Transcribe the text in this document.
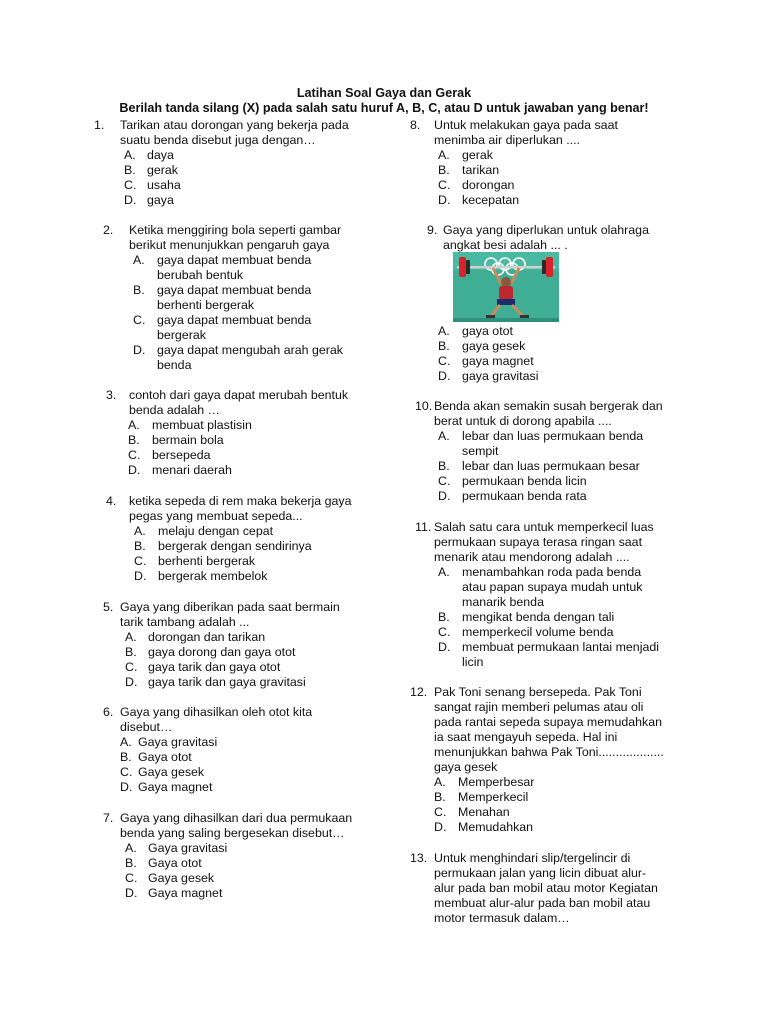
Latihan Soal Gaya dan Gerak
Berilah tanda silang (X) pada salah satu huruf A, B, C, atau D untuk jawaban yang benar!
1. Tarikan atau dorongan yang bekerja pada
suatu benda disebut juga dengan…
A. daya
B. gerak
C. usaha
D. gaya
2. Ketika menggiring bola seperti gambar
berikut menunjukkan pengaruh gaya
A. gaya dapat membuat benda
berubah bentuk
B. gaya dapat membuat benda
berhenti bergerak
C. gaya dapat membuat benda
bergerak
D. gaya dapat mengubah arah gerak
benda
3. contoh dari gaya dapat merubah bentuk
benda adalah …
A. membuat plastisin
B. bermain bola
C. bersepeda
D. menari daerah
4. ketika sepeda di rem maka bekerja gaya
pegas yang membuat sepeda...
A. melaju dengan cepat
B. bergerak dengan sendirinya
C. berhenti bergerak
D. bergerak membelok
5. Gaya yang diberikan pada saat bermain
tarik tambang adalah ...
A. dorongan dan tarikan
B. gaya dorong dan gaya otot
C. gaya tarik dan gaya otot
D. gaya tarik dan gaya gravitasi
6. Gaya yang dihasilkan oleh otot kita
disebut…
A. Gaya gravitasi
B. Gaya otot
C. Gaya gesek
D. Gaya magnet
7. Gaya yang dihasilkan dari dua permukaan
benda yang saling bergesekan disebut…
A. Gaya gravitasi
B. Gaya otot
C. Gaya gesek
D. Gaya magnet
8. Untuk melakukan gaya pada saat
menimba air diperlukan ....
A. gerak
B. tarikan
C. dorongan
D. kecepatan
9. Gaya yang diperlukan untuk olahraga
angkat besi adalah ... .
A. gaya otot
B. gaya gesek
C. gaya magnet
D. gaya gravitasi
10. Benda akan semakin susah bergerak dan
berat untuk di dorong apabila ....
A. lebar dan luas permukaan benda
sempit
B. lebar dan luas permukaan besar
C. permukaan benda licin
D. permukaan benda rata
11. Salah satu cara untuk memperkecil luas
permukaan supaya terasa ringan saat
menarik atau mendorong adalah ....
A. menambahkan roda pada benda
atau papan supaya mudah untuk
manarik benda
B. mengikat benda dengan tali
C. memperkecil volume benda
D. membuat permukaan lantai menjadi
licin
12. Pak Toni senang bersepeda. Pak Toni
sangat rajin memberi pelumas atau oli
pada rantai sepeda supaya memudahkan
ia saat mengayuh sepeda. Hal ini
menunjukkan bahwa Pak Toni...................
gaya gesek
A. Memperbesar
B. Memperkecil
C. Menahan
D. Memudahkan
13. Untuk menghindari slip/tergelincir di
permukaan jalan yang licin dibuat alur-
alur pada ban mobil atau motor Kegiatan
membuat alur-alur pada ban mobil atau
motor termasuk dalam…
